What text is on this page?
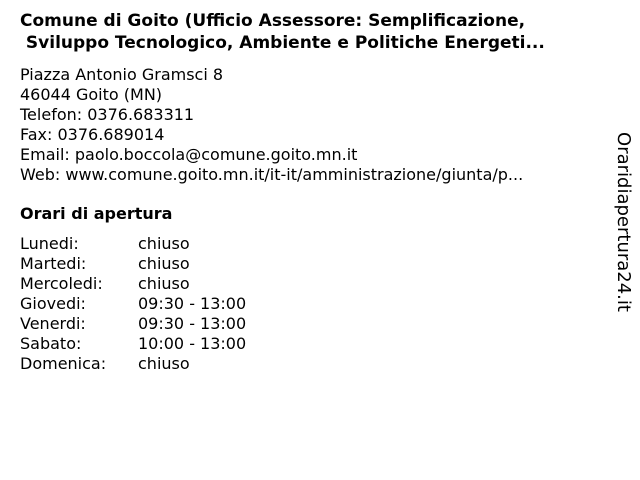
Comune di Goito (Ufficio Assessore: Semplificazione,
Sviluppo Tecnologico, Ambiente e Politiche Energeti...
Piazza Antonio Gramsci 8
46044 Goito (MN)
Telefon: 0376.683311
Fax: 0376.689014
Email: paolo.boccola@comune.goito.mn.it
Web: www.comune.goito.mn.it/it-it/amministrazione/giunta/p...
Orari di apertura
Lunedi:	chiuso
Martedi:	chiuso
Mercoledi:	chiuso
Giovedi:	09:30 - 13:00
Venerdi:	09:30 - 13:00
Sabato:	10:00 - 13:00
Domenica:	chiuso
Oraridiapertura24.it
